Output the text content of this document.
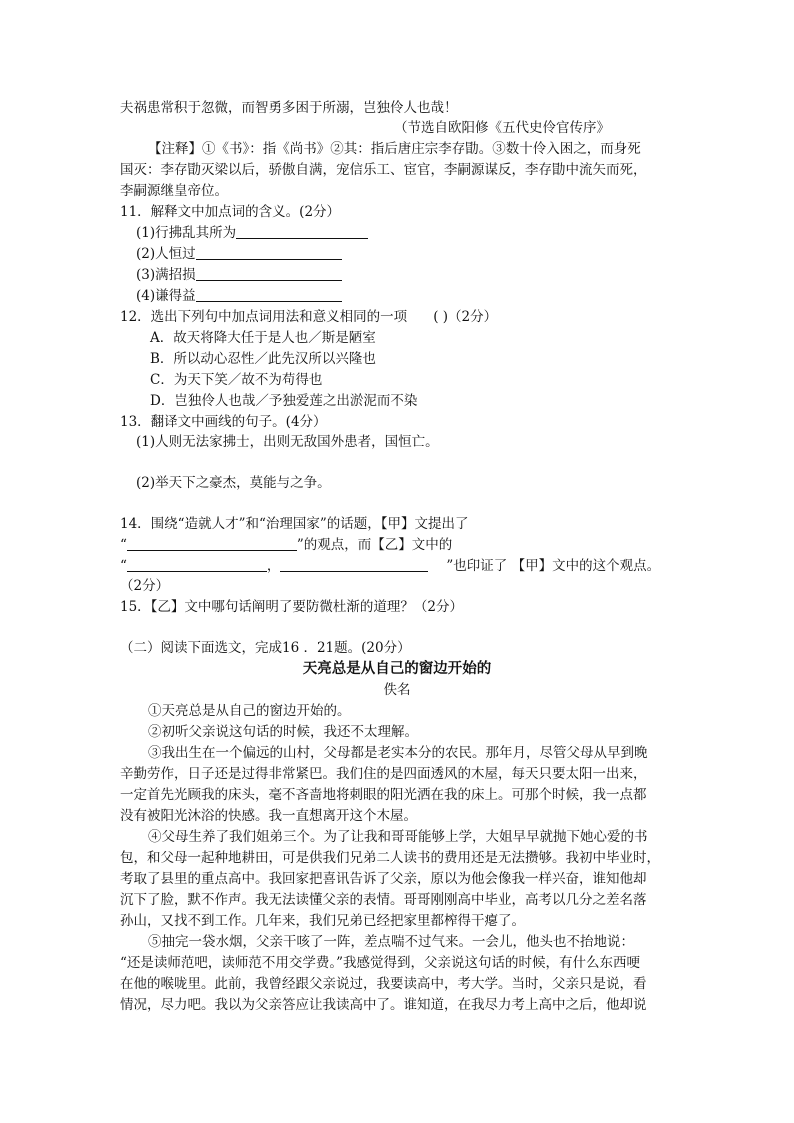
夫祸患常积于忽微，而智勇多困于所溺，岂独伶人也哉！
（节选自欧阳修《五代史伶官传序》
【注释】①《书》：指《尚书》②其：指后唐庄宗李存勖。③数十伶入困之，而身死
国灭：李存勖灭梁以后，骄傲自满，宠信乐工、宦官，李嗣源谋反，李存勖中流矢而死，
李嗣源继皇帝位。
11．解释文中加点词的含义。(2分）
(1)行拂乱其所为
(2)人恒过
(3)满招损
(4)谦得益
12．选出下列句中加点词用法和意义相同的一项 ( )（2分）
A．故天将降大任于是人也／斯是陋室
B．所以动心忍性／此先汉所以兴隆也
C．为天下笑／故不为苟得也
D．岂独伶人也哉／予独爱莲之出淤泥而不染
13．翻译文中画线的句子。(4分）
(1)人则无法家拂士，出则无敌国外患者，国恒亡。
(2)举天下之豪杰，莫能与之争。
14．围绕“造就人才”和“治理国家”的话题，【甲】文提出了
“	”的观点，而【乙】文中的
“	，	”也印证了 【甲】文中的这个观点。
（2分）
15．【乙】文中哪句话阐明了要防微杜渐的道理？（2分）
（二）阅读下面选文，完成16 ．21题。(20分）
天亮总是从自己的窗边开始的
佚名
①天亮总是从自己的窗边开始的。
②初听父亲说这句话的时候，我还不太理解。
③我出生在一个偏远的山村，父母都是老实本分的农民。那年月，尽管父母从早到晚
辛勤劳作，日子还是过得非常紧巴。我们住的是四面透风的木屋，每天只要太阳一出来，
一定首先光顾我的床头，毫不吝啬地将刺眼的阳光洒在我的床上。可那个时候，我一点都
没有被阳光沐浴的快感。我一直想离开这个木屋。
④父母生养了我们姐弟三个。为了让我和哥哥能够上学，大姐早早就抛下她心爱的书
包，和父母一起种地耕田，可是供我们兄弟二人读书的费用还是无法攒够。我初中毕业时，
考取了县里的重点高中。我回家把喜讯告诉了父亲，原以为他会像我一样兴奋，谁知他却
沉下了脸，默不作声。我无法读懂父亲的表情。哥哥刚刚高中毕业，高考以几分之差名落
孙山，又找不到工作。几年来，我们兄弟已经把家里都榨得干瘪了。
⑤抽完一袋水烟，父亲干咳了一阵，差点喘不过气来。一会儿，他头也不抬地说：
“还是读师范吧，读师范不用交学费。”我感觉得到，父亲说这句话的时候，有什么东西哽
在他的喉咙里。此前，我曾经跟父亲说过，我要读高中，考大学。当时，父亲只是说，看
情况，尽力吧。我以为父亲答应让我读高中了。谁知道，在我尽力考上高中之后，他却说
